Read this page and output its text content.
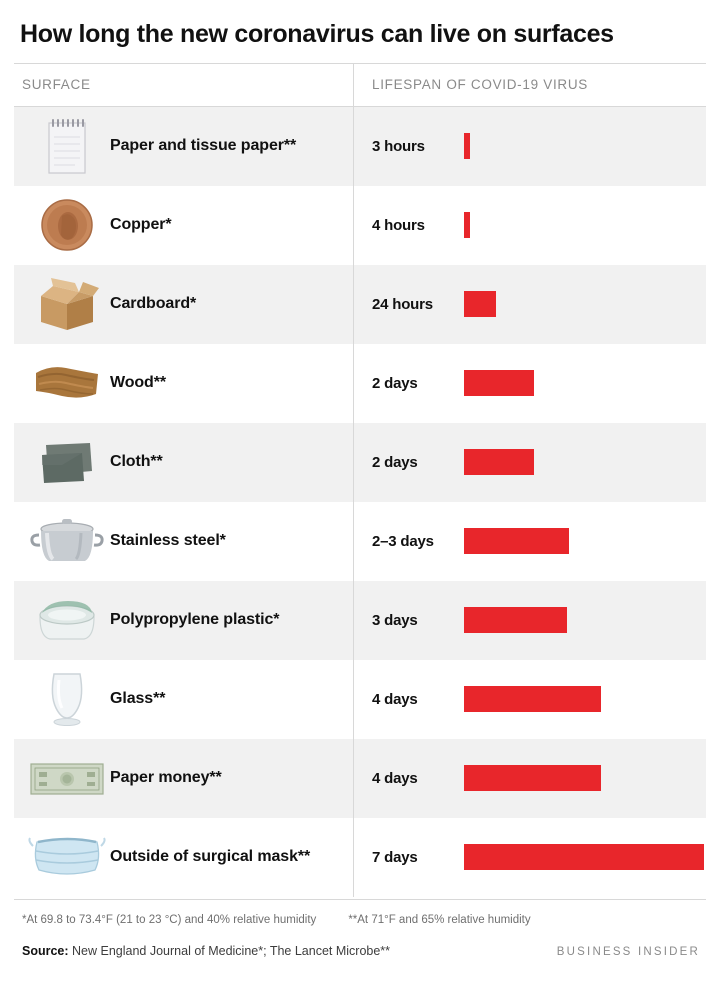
How long the new coronavirus can live on surfaces
SURFACE	LIFESPAN OF COVID-19 VIRUS
Paper and tissue paper**	3 hours
Copper*	4 hours
Cardboard*	24 hours
Wood**	2 days
Cloth**	2 days
Stainless steel*	2–3 days
Polypropylene plastic*	3 days
Glass**	4 days
Paper money**	4 days
Outside of surgical mask**	7 days
*At 69.8 to 73.4°F (21 to 23 °C) and 40% relative humidity	**At 71°F and 65% relative humidity
Source: New England Journal of Medicine*; The Lancet Microbe**	BUSINESS INSIDER
